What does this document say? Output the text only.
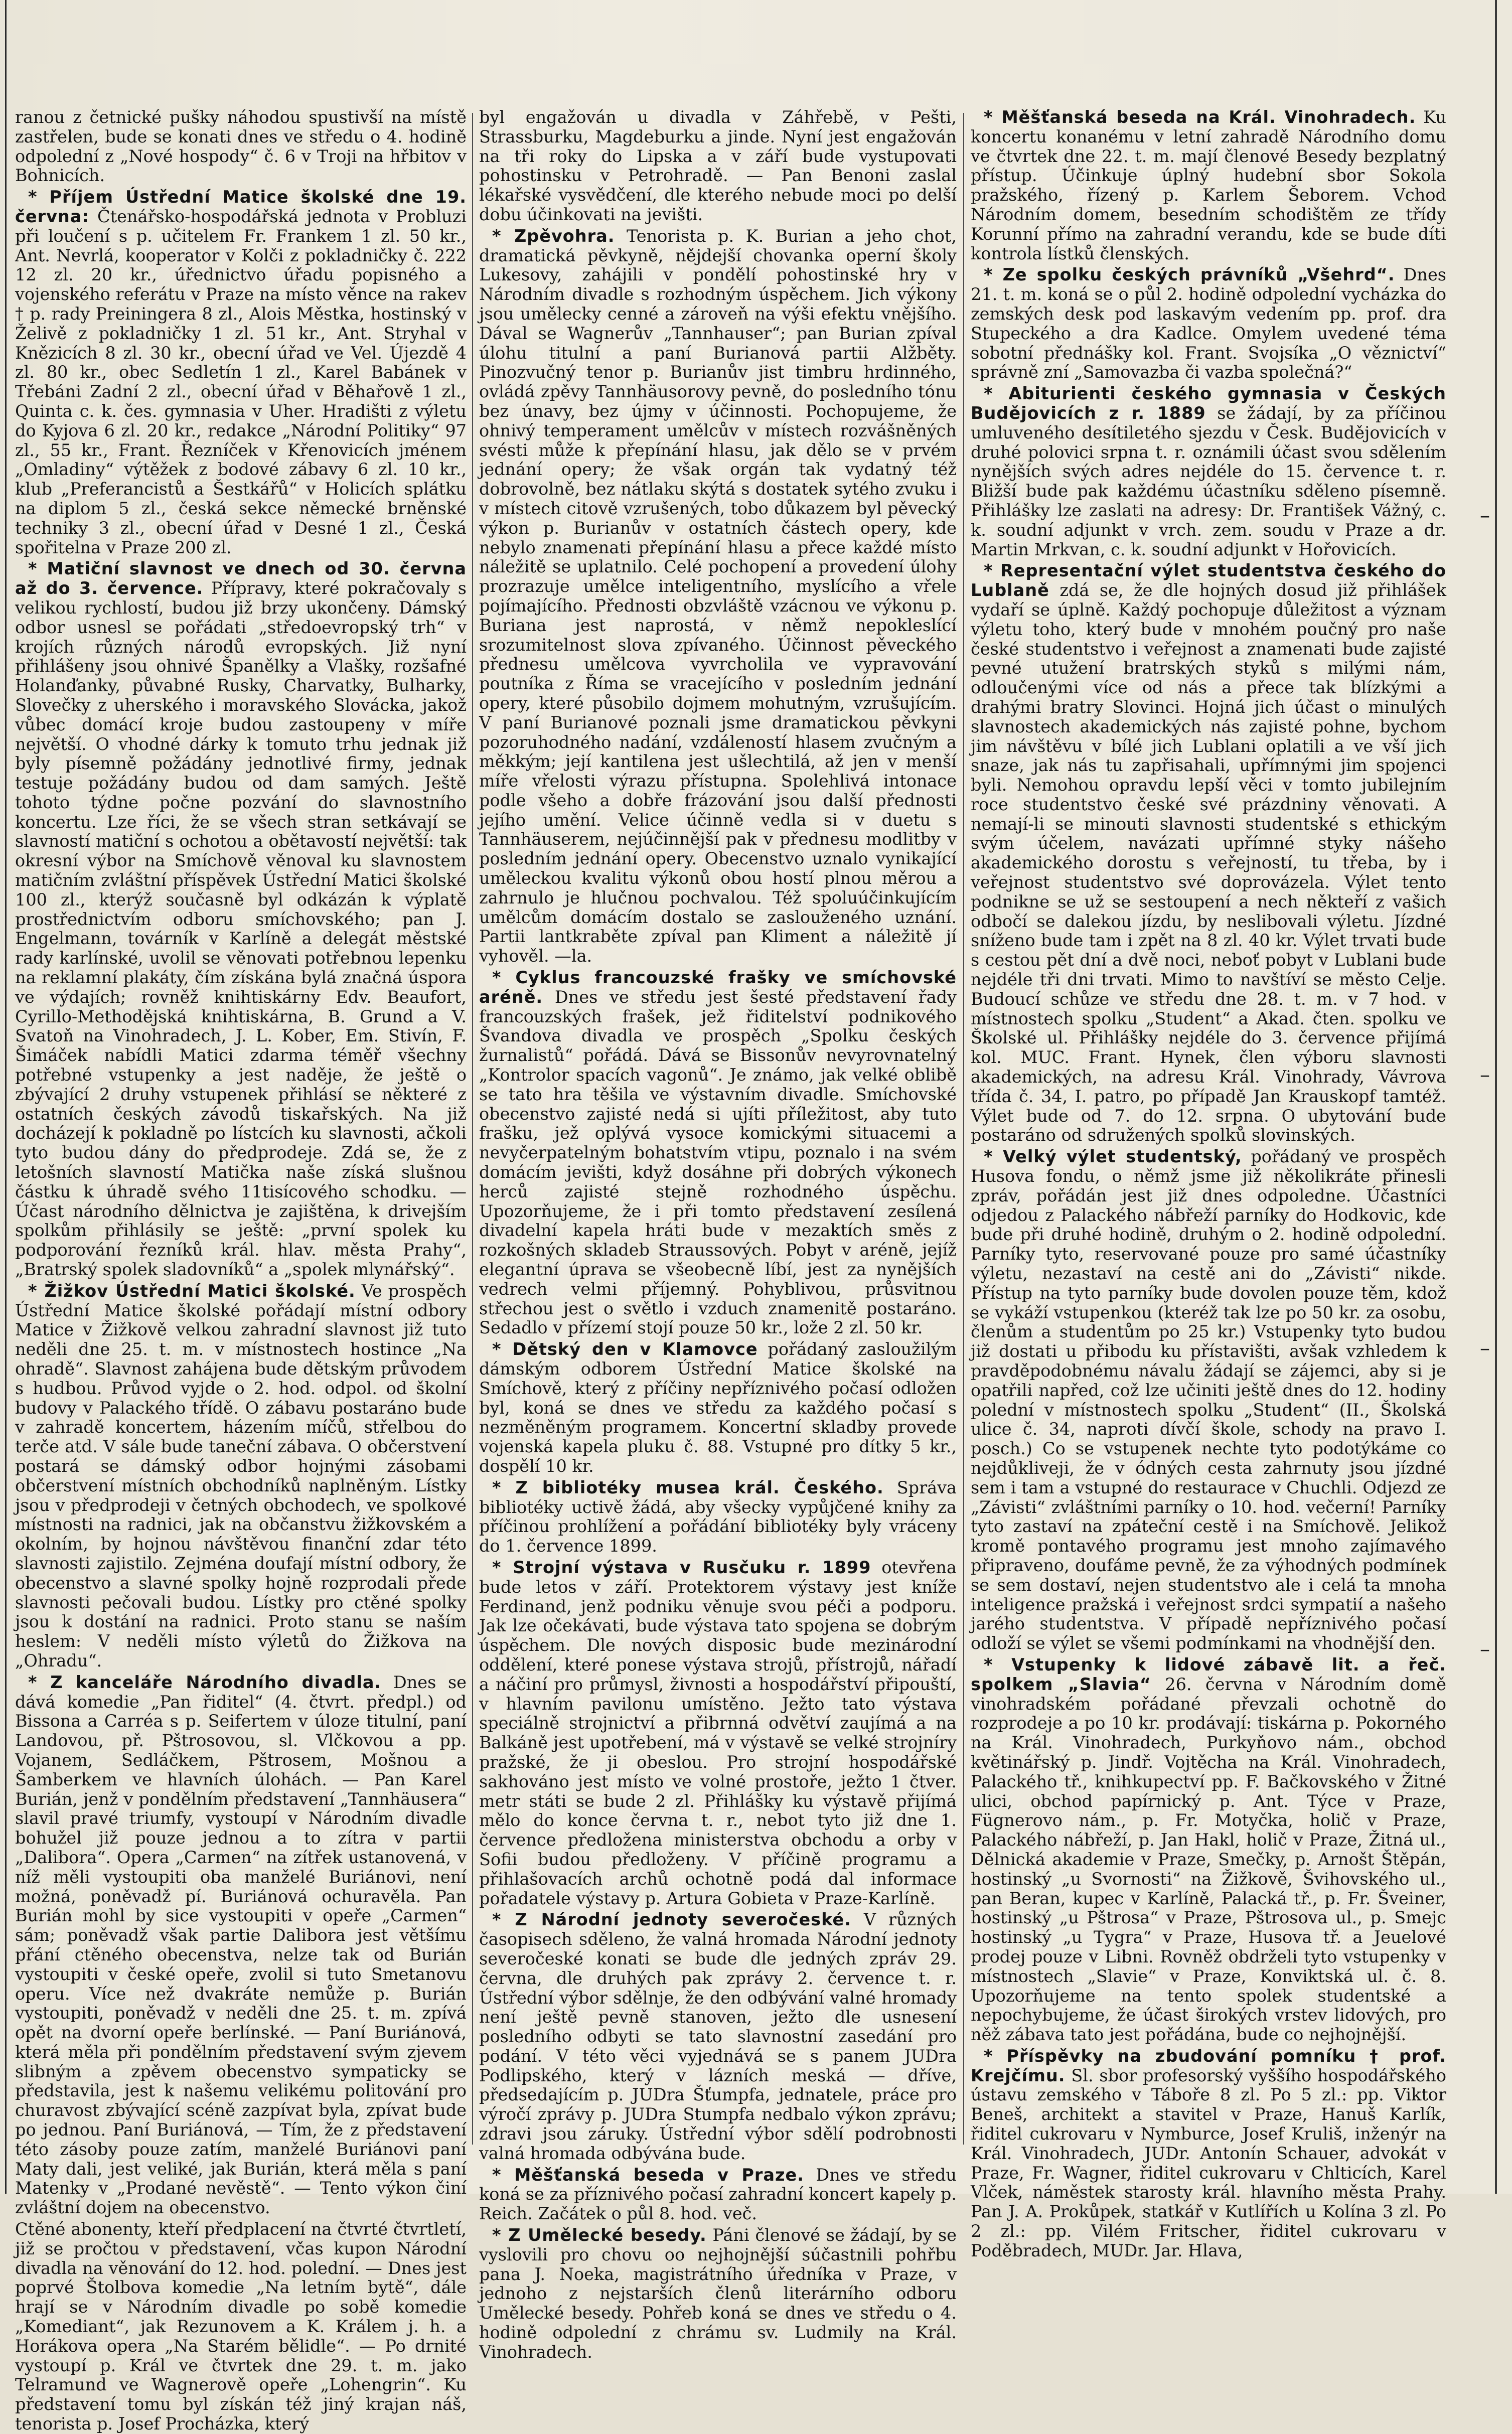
ranou z četnické pušky náhodou spustivší na místě zastřelen, bude se konati dnes ve středu o 4. hodině odpolední z „Nové hospody“ č. 6 v Troji na hřbitov v Bohnicích.

* Příjem Ústřední Matice školské dne 19. června: Čtenářsko-hospodářská jednota v Probluzi při loučení s p. učitelem Fr. Frankem 1 zl. 50 kr., Ant. Nevrlá, kooperator v Kolči z pokladničky č. 222 12 zl. 20 kr., úřednictvo úřadu popisného a vojenského referátu v Praze na místo věnce na rakev † p. rady Preiningera 8 zl., Alois Městka, hostinský v Želivě z pokladničky 1 zl. 51 kr., Ant. Stryhal v Knězicích 8 zl. 30 kr., obecní úřad ve Vel. Újezdě 4 zl. 80 kr., obec Sedletín 1 zl., Karel Babánek v Třebáni Zadní 2 zl., obecní úřad v Běhařově 1 zl., Quinta c. k. čes. gymnasia v Uher. Hradišti z výletu do Kyjova 6 zl. 20 kr., redakce „Národní Politiky“ 97 zl., 55 kr., Frant. Řezníček v Křenovicích jménem „Omladiny“ výtěžek z bodové zábavy 6 zl. 10 kr., klub „Preferancistů a Šestkářů“ v Holicích splátku na diplom 5 zl., česká sekce německé brněnské techniky 3 zl., obecní úřad v Desné 1 zl., Česká spořitelna v Praze 200 zl.

* Matiční slavnost ve dnech od 30. června až do 3. července. Přípravy, které pokračovaly s velikou rychlostí, budou již brzy ukončeny. Dámský odbor usnesl se pořádati „středoevropský trh“ v krojích různých národů evropských. Již nyní přihlášeny jsou ohnivé Španělky a Vlašky, rozšafné Holanďanky, půvabné Rusky, Charvatky, Bulharky, Slovečky z uherského i moravského Slovácka, jakož vůbec domácí kroje budou zastoupeny v míře největší. O vhodné dárky k tomuto trhu jednak již byly písemně požádány jednotlivé firmy, jednak testuje požádány budou od dam samých. Ještě tohoto týdne počne pozvání do slavnostního koncertu. Lze říci, že se všech stran setkávají se slavností matiční s ochotou a obětavostí největší: tak okresní výbor na Smíchově věnoval ku slavnostem matičním zvláštní příspěvek Ústřední Matici školské 100 zl., kterýž současně byl odkázán k výplatě prostřednictvím odboru smíchovského; pan J. Engelmann, továrník v Karlíně a delegát městské rady karlínské, uvolil se věnovati potřebnou lepenku na reklamní plakáty, čím získána bylá značná úspora ve výdajích; rovněž knihtiskárny Edv. Beaufort, Cyrillo-Methodějská knihtiskárna, B. Grund a V. Svatoň na Vinohradech, J. L. Kober, Em. Stivín, F. Šimáček nabídli Matici zdarma téměř všechny potřebné vstupenky a jest naděje, že ještě o zbývající 2 druhy vstupenek přihlásí se některé z ostatních českých závodů tiskařských. Na již docházejí k pokladně po lístcích ku slavnosti, ačkoli tyto budou dány do předprodeje. Zdá se, že z letošních slavností Matička naše získá slušnou částku k úhradě svého 11tisícového schodku. — Účast národního dělnictva je zajištěna, k drivejším spolkům přihlásily se ještě: „první spolek ku podporování řezníků král. hlav. města Prahy“, „Bratrský spolek sladovníků“ a „spolek mlynářský“.

* Žižkov Ústřední Matici školské. Ve prospěch Ústřední Matice školské pořádají místní odbory Matice v Žižkově velkou zahradní slavnost již tuto neděli dne 25. t. m. v místnostech hostince „Na ohradě“. Slavnost zahájena bude dětským průvodem s hudbou. Průvod vyjde o 2. hod. odpol. od školní budovy v Palackého třídě. O zábavu postaráno bude v zahradě koncertem, házením míčů, střelbou do terče atd. V sále bude taneční zábava. O občerstvení postará se dámský odbor hojnými zásobami občerstvení místních obchodníků naplněným. Lístky jsou v předprodeji v četných obchodech, ve spolkové místnosti na radnici, jak na občanstvu žižkovském a okolním, by hojnou návštěvou finanční zdar této slavnosti zajistilo. Zejména doufají místní odbory, že obecenstvo a slavné spolky hojně rozprodali přede slavnosti pečovali budou. Lístky pro ctěné spolky jsou k dostání na radnici. Proto stanu se naším heslem: V neděli místo výletů do Žižkova na „Ohradu“.

* Z kanceláře Národního divadla. Dnes se dává komedie „Pan řiditel“ (4. čtvrt. předpl.) od Bissona a Carréa s p. Seifertem v úloze titulní, paní Landovou, př. Pštrosovou, sl. Vlčkovou a pp. Vojanem, Sedláčkem, Pštrosem, Mošnou a Šamberkem ve hlavních úlohách. — Pan Karel Burián, jenž v pondělním představení „Tannhäusera“ slavil pravé triumfy, vystoupí v Národním divadle bohužel již pouze jednou a to zítra v partii „Dalibora“. Opera „Carmen“ na zítřek ustanovená, v níž měli vystoupiti oba manželé Buriánovi, není možná, poněvadž pí. Buriánová ochuravěla. Pan Burián mohl by sice vystoupiti v opeře „Carmen“ sám; poněvadž však partie Dalibora jest většímu přání ctěného obecenstva, nelze tak od Burián vystoupiti v české opeře, zvolil si tuto Smetanovu operu. Více než dvakráte nemůže p. Burián vystoupiti, poněvadž v neděli dne 25. t. m. zpívá opět na dvorní opeře berlínské. — Paní Buriánová, která měla při pondělním představení svým zjevem slibným a zpěvem obecenstvo sympaticky se představila, jest k našemu velikému politování pro churavost zbývající scéně zazpívat byla, zpívat bude po jednou. Paní Buriánová, — Tím, že z představení této zásoby pouze zatím, manželé Buriánovi paní Maty dali, jest veliké, jak Burián, která měla s paní Matenky v „Prodané nevěstě“. — Tento výkon činí zvláštní dojem na obecenstvo.

Ctěné abonenty, kteří předplacení na čtvrté čtvrtletí, již se pročtou v představení, včas kupon Národní divadla na věnování do 12. hod. polední. — Dnes jest poprvé Štolbova komedie „Na letním bytě“, dále hrají se v Národním divadle po sobě komedie „Komediant“, jak Rezunovem a K. Králem j. h. a Horákova opera „Na Starém bělidle“. — Po drnité vystoupí p. Král ve čtvrtek dne 29. t. m. jako Telramund ve Wagnerově opeře „Lohengrin“. Ku představení tomu byl získán též jiný krajan náš, tenorista p. Josef Procházka, který

byl engažován u divadla v Záhřebě, v Pešti, Strassburku, Magdeburku a jinde. Nyní jest engažován na tři roky do Lipska a v září bude vystupovati pohostinsku v Petrohradě. — Pan Benoni zaslal lékařské vysvědčení, dle kterého nebude moci po delší dobu účinkovati na jevišti.

* Zpěvohra. Tenorista p. K. Burian a jeho chot, dramatická pěvkyně, nějdejší chovanka operní školy Lukesovy, zahájili v pondělí pohostinské hry v Národním divadle s rozhodným úspěchem. Jich výkony jsou umělecky cenné a zároveň na výši efektu vnějšího. Dával se Wagnerův „Tannhauser“; pan Burian zpíval úlohu titulní a paní Burianová partii Alžběty. Pinozvučný tenor p. Burianův jist timbru hrdinného, ovládá zpěvy Tannhäusorovy pevně, do posledního tónu bez únavy, bez újmy v účinnosti. Pochopujeme, že ohnivý temperament umělcův v místech rozvášněných svésti může k přepínání hlasu, jak dělo se v prvém jednání opery; že však orgán tak vydatný též dobrovolně, bez nátlaku skýtá s dostatek sytého zvuku i v místech citově vzrušených, tobo důkazem byl pěvecký výkon p. Burianův v ostatních částech opery, kde nebylo znamenati přepínání hlasu a přece každé místo náležitě se uplatnilo. Celé pochopení a provedení úlohy prozrazuje umělce inteligentního, myslícího a vřele pojímajícího. Přednosti obzvláště vzácnou ve výkonu p. Buriana jest naprostá, v němž nepokleslící srozumitelnost slova zpívaného. Účinnost pěveckého přednesu umělcova vyvrcholila ve vypravování poutníka z Říma se vracejícího v posledním jednání opery, které působilo dojmem mohutným, vzrušujícím. V paní Burianové poznali jsme dramatickou pěvkyni pozoruhodného nadání, vzdáleností hlasem zvučným a měkkým; její kantilena jest ušlechtilá, až jen v menší míře vřelosti výrazu přístupna. Spolehlivá intonace podle všeho a dobře frázování jsou další přednosti jejího umění. Velice účinně vedla si v duetu s Tannhäuserem, nejúčinnější pak v přednesu modlitby v posledním jednání opery. Obecenstvo uznalo vynikající uměleckou kvalitu výkonů obou hostí plnou měrou a zahrnulo je hlučnou pochvalou. Též spoluúčinkujícím umělcům domácím dostalo se zaslouženého uznání. Partii lantkraběte zpíval pan Kliment a náležitě jí vyhověl. —la.

* Cyklus francouzské frašky ve smíchovské aréně. Dnes ve středu jest šesté představení řady francouzských frašek, jež řiditelství podnikového Švandova divadla ve prospěch „Spolku českých žurnalistů“ pořádá. Dává se Bissonův nevyrovnatelný „Kontrolor spacích vagonů“. Je známo, jak velké oblibě se tato hra těšila ve výstavním divadle. Smíchovské obecenstvo zajisté nedá si ujíti příležitost, aby tuto frašku, jež oplývá vysoce komickými situacemi a nevyčerpatelným bohatstvím vtipu, poznalo i na svém domácím jevišti, když dosáhne při dobrých výkonech herců zajisté stejně rozhodného úspěchu. Upozorňujeme, že i při tomto představení zesílená divadelní kapela hráti bude v mezaktích směs z rozkošných skladeb Straussových. Pobyt v aréně, jejíž elegantní úprava se všeobecně líbí, jest za nynějších vedrech velmi příjemný. Pohyblivou, průsvitnou střechou jest o světlo i vzduch znamenitě postaráno. Sedadlo v přízemí stojí pouze 50 kr., lože 2 zl. 50 kr.

* Dětský den v Klamovce pořádaný zasloužilým dámským odborem Ústřední Matice školské na Smíchově, který z příčiny nepříznivého počasí odložen byl, koná se dnes ve středu za každého počasí s nezměněným programem. Koncertní skladby provede vojenská kapela pluku č. 88. Vstupné pro dítky 5 kr., dospělí 10 kr.

* Z bibliotéky musea král. Českého. Správa bibliotéky uctivě žádá, aby všecky vypůjčené knihy za příčinou prohlížení a pořádání bibliotéky byly vráceny do 1. července 1899.

* Strojní výstava v Rusčuku r. 1899 otevřena bude letos v září. Protektorem výstavy jest kníže Ferdinand, jenž podniku věnuje svou péči a podporu. Jak lze očekávati, bude výstava tato spojena se dobrým úspěchem. Dle nových disposic bude mezinárodní oddělení, které ponese výstava strojů, přístrojů, nářadí a náčiní pro průmysl, živnosti a hospodářství připouští, v hlavním pavilonu umístěno. Ježto tato výstava speciálně strojnictví a přibrnná odvětví zaujímá a na Balkáně jest upotřebení, má v výstavě se velké strojníry pražské, že ji obeslou. Pro strojní hospodářské sakhováno jest místo ve volné prostoře, ježto 1 čtver. metr státi se bude 2 zl. Přihlášky ku výstavě přijímá mělo do konce června t. r., nebot tyto již dne 1. července předložena ministerstva obchodu a orby v Sofii budou předloženy. V příčině programu a přihlašovacích archů ochotně podá dal informace pořadatele výstavy p. Artura Gobieta v Praze-Karlíně.

* Z Národní jednoty severočeské. V různých časopisech sděleno, že valná hromada Národní jednoty severočeské konati se bude dle jedných zpráv 29. června, dle druhých pak zprávy 2. července t. r. Ústřední výbor sdělnje, že den odbývání valné hromady není ještě pevně stanoven, ježto dle usnesení posledního odbyti se tato slavnostní zasedání pro podání. V této věci vyjednává se s panem JUDra Podlipského, který v lázních meská — dříve, předsedajícím p. JUDra Šťumpfa, jednatele, práce pro výročí zprávy p. JUDra Stumpfa nedbalo výkon zprávu; zdravi jsou záruky. Ústřední výbor sdělí podrobnosti valná hromada odbývána bude.

* Měšťanská beseda v Praze. Dnes ve středu koná se za příznivého počasí zahradní koncert kapely p. Reich. Začátek o půl 8. hod. več.

* Z Umělecké besedy. Páni členové se žádají, by se vyslovili pro chovu oo nejhojnější súčastnili pohřbu pana J. Noeka, magistrátního úředníka v Praze, v jednoho z nejstarších členů literárního odboru Umělecké besedy. Pohřeb koná se dnes ve středu o 4. hodině odpolední z chrámu sv. Ludmily na Král. Vinohradech.

* Měšťanská beseda na Král. Vinohradech. Ku koncertu konanému v letní zahradě Národního domu ve čtvrtek dne 22. t. m. mají členové Besedy bezplatný přístup. Účinkuje úplný hudební sbor Sokola pražského, řízený p. Karlem Šeborem. Vchod Národním domem, besedním schodištěm ze třídy Korunní přímo na zahradní verandu, kde se bude díti kontrola lístků členských.

* Ze spolku českých právníků „Všehrd“. Dnes 21. t. m. koná se o půl 2. hodině odpolední vycházka do zemských desk pod laskavým vedením pp. prof. dra Stupeckého a dra Kadlce. Omylem uvedené téma sobotní přednášky kol. Frant. Svojsíka „O věznictví“ správně zní „Samovazba či vazba společná?“

* Abiturienti českého gymnasia v Českých Budějovicích z r. 1889 se žádají, by za příčinou umluveného desítiletého sjezdu v Česk. Budějovicích v druhé polovici srpna t. r. oznámili účast svou sdělením nynějších svých adres nejdéle do 15. července t. r. Bližší bude pak každému účastníku sděleno písemně. Přihlášky lze zaslati na adresy: Dr. František Vážný, c. k. soudní adjunkt v vrch. zem. soudu v Praze a dr. Martin Mrkvan, c. k. soudní adjunkt v Hořovicích.

* Representační výlet studentstva českého do Lublaně zdá se, že dle hojných dosud již přihlášek vydaří se úplně. Každý pochopuje důležitost a význam výletu toho, který bude v mnohém poučný pro naše české studentstvo i veřejnost a znamenati bude zajisté pevné utužení bratrských styků s milými nám, odloučenými více od nás a přece tak blízkými a drahými bratry Slovinci. Hojná jich účast o minulých slavnostech akademických nás zajisté pohne, bychom jim návštěvu v bílé jich Lublani oplatili a ve vší jich snaze, jak nás tu zapřisahali, upřímnými jim spojenci byli. Nemohou opravdu lepší věci v tomto jubilejním roce studentstvo české své prázdniny věnovati. A nemají-li se minouti slavnosti studentské s ethickým svým účelem, navázati upřímné styky nášeho akademického dorostu s veřejností, tu třeba, by i veřejnost studentstvo své doprovázela. Výlet tento podnikne se už se sestoupení a nech někteří z vašich odbočí se dalekou jízdu, by neslibovali výletu. Jízdné sníženo bude tam i zpět na 8 zl. 40 kr. Výlet trvati bude s cestou pět dní a dvě noci, neboť pobyt v Lublani bude nejdéle tři dni trvati. Mimo to navštíví se město Celje. Budoucí schůze ve středu dne 28. t. m. v 7 hod. v místnostech spolku „Student“ a Akad. čten. spolku ve Školské ul. Přihlášky nejdéle do 3. července přijímá kol. MUC. Frant. Hynek, člen výboru slavnosti akademických, na adresu Král. Vinohrady, Vávrova třída č. 34, I. patro, po případě Jan Krauskopf tamtéž. Výlet bude od 7. do 12. srpna. O ubytování bude postaráno od sdružených spolků slovinských.

* Velký výlet studentský, pořádaný ve prospěch Husova fondu, o němž jsme již několikráte přinesli zpráv, pořádán jest již dnes odpoledne. Účastníci odjedou z Palackého nábřeží parníky do Hodkovic, kde bude při druhé hodině, druhým o 2. hodině odpolední. Parníky tyto, reservované pouze pro samé účastníky výletu, nezastaví na cestě ani do „Závisti“ nikde. Přístup na tyto parníky bude dovolen pouze těm, kdož se vykáží vstupenkou (kteréž tak lze po 50 kr. za osobu, členům a studentům po 25 kr.) Vstupenky tyto budou již dostati u přibodu ku přístavišti, avšak vzhledem k pravděpodobnému návalu žádají se zájemci, aby si je opatřili napřed, což lze učiniti ještě dnes do 12. hodiny polední v místnostech spolku „Student“ (II., Školská ulice č. 34, naproti dívčí škole, schody na pravo I. posch.) Co se vstupenek nechte tyto podotýkáme co nejdůkliveji, že v ódných cesta zahrnuty jsou jízdné sem i tam a vstupné do restaurace v Chuchli. Odjezd ze „Závisti“ zvláštními parníky o 10. hod. večerní! Parníky tyto zastaví na zpáteční cestě i na Smíchově. Jelikož kromě pontavého programu jest mnoho zajímavého připraveno, doufáme pevně, že za výhodných podmínek se sem dostaví, nejen studentstvo ale i celá ta mnoha inteligence pražská i veřejnost srdci sympatií a našeho jarého studentstva. V případě nepříznivého počasí odloží se výlet se všemi podmínkami na vhodnější den.

* Vstupenky k lidové zábavě lit. a řeč. spolkem „Slavia“ 26. června v Národním domě vinohradském pořádané převzali ochotně do rozprodeje a po 10 kr. prodávají: tiskárna p. Pokorného na Král. Vinohradech, Purkyňovo nám., obchod květinářský p. Jindř. Vojtěcha na Král. Vinohradech, Palackého tř., knihkupectví pp. F. Bačkovského v Žitné ulici, obchod papírnický p. Ant. Týce v Praze, Fügnerovo nám., p. Fr. Motyčka, holič v Praze, Palackého nábřeží, p. Jan Hakl, holič v Praze, Žitná ul., Dělnická akademie v Praze, Smečky, p. Arnošt Štěpán, hostinský „u Svornosti“ na Žižkově, Švihovského ul., pan Beran, kupec v Karlíně, Palacká tř., p. Fr. Šveiner, hostinský „u Pštrosa“ v Praze, Pštrosova ul., p. Smejc hostinský „u Tygra“ v Praze, Husova tř. a Jeuelové prodej pouze v Libni. Rovněž obdrželi tyto vstupenky v místnostech „Slavie“ v Praze, Konviktská ul. č. 8. Upozorňujeme na tento spolek studentské a nepochybujeme, že účast širokých vrstev lidových, pro něž zábava tato jest pořádána, bude co nejhojnější.

* Příspěvky na zbudování pomníku † prof. Krejčímu. Sl. sbor profesorský vyššího hospodářského ústavu zemského v Táboře 8 zl. Po 5 zl.: pp. Viktor Beneš, architekt a stavitel v Praze, Hanuš Karlík, řiditel cukrovaru v Nymburce, Josef Kruliš, inženýr na Král. Vinohradech, JUDr. Antonín Schauer, advokát v Praze, Fr. Wagner, řiditel cukrovaru v Chlticích, Karel Vlček, náměstek starosty král. hlavního města Prahy. Pan J. A. Prokůpek, statkář v Kutlířích u Kolína 3 zl. Po 2 zl.: pp. Vilém Fritscher, řiditel cukrovaru v Poděbradech, MUDr. Jar. Hlava,

–
–
–
–
